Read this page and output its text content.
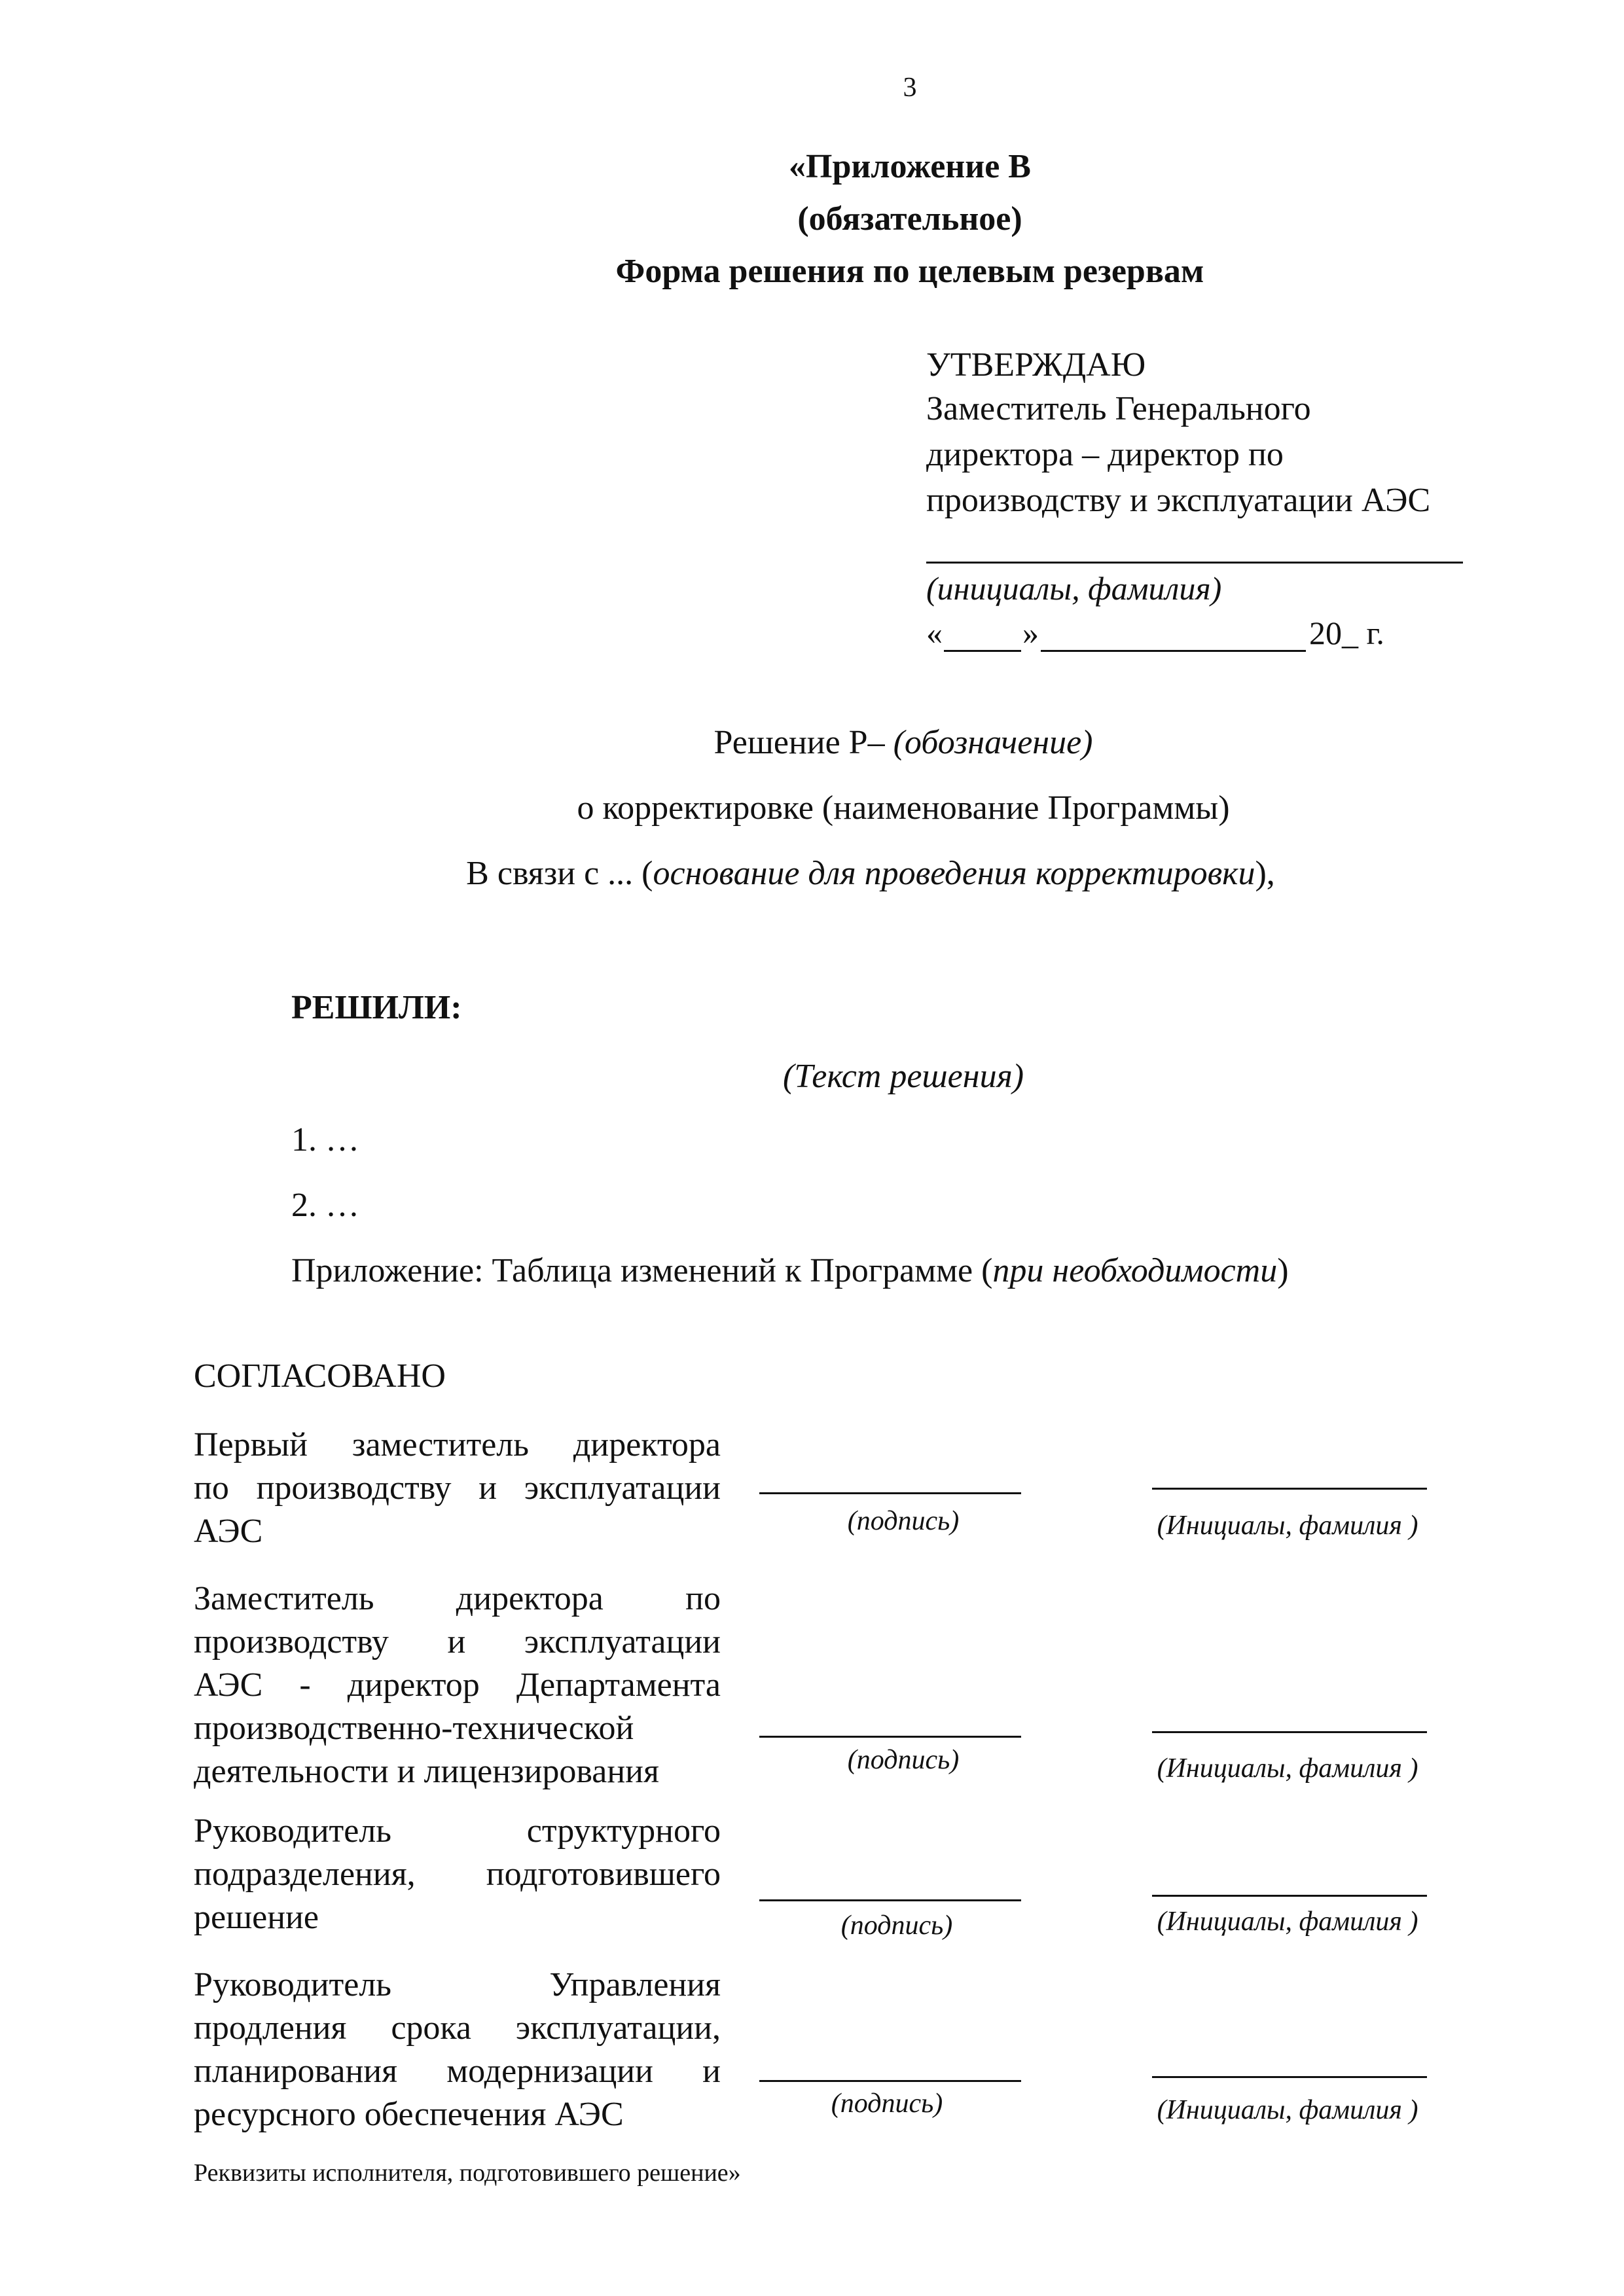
3
«Приложение В
(обязательное)
Форма решения по целевым резервам
УТВЕРЖДАЮ
Заместитель Генерального
директора – директор по
производству и эксплуатации АЭС
(инициалы, фамилия)
« »	20_ г.
Решение Р– (обозначение)
о корректировке (наименование Программы)
В связи с ... (основание для проведения корректировки),
РЕШИЛИ:
(Текст решения)
1. …
2. …
Приложение: Таблица изменений к Программе (при необходимости)
СОГЛАСОВАНО
Первый заместитель директора
по производству и эксплуатации
АЭС	(подпись)	(Инициалы, фамилия )
Заместитель директора по
производству и эксплуатации
АЭС - директор Департамента
производственно-технической
деятельности и лицензирования	(подпись)	(Инициалы, фамилия )
Руководитель структурного
подразделения, подготовившего
решение	(подпись)	(Инициалы, фамилия )
Руководитель Управления
продления срока эксплуатации,
планирования модернизации и
ресурсного обеспечения АЭС	(подпись)	(Инициалы, фамилия )
Реквизиты исполнителя, подготовившего решение»
